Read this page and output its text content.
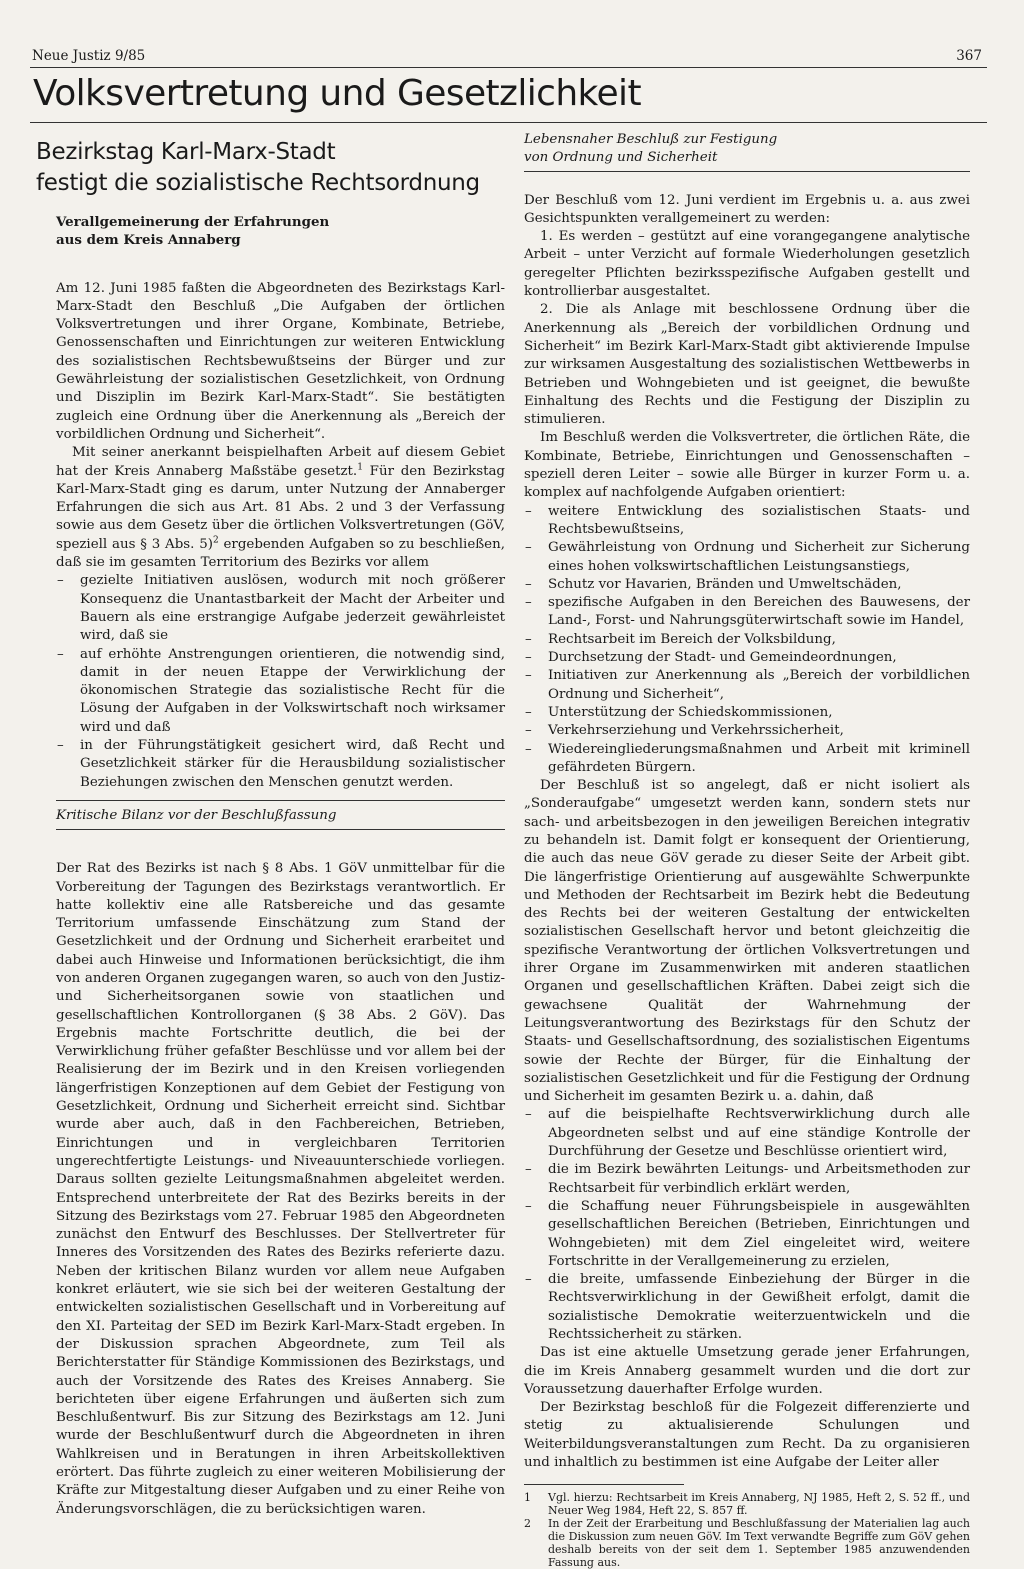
Neue Justiz 9/85	367
Volksvertretung und Gesetzlichkeit
Bezirkstag Karl-Marx-Stadt
festigt die sozialistische Rechtsordnung
Verallgemeinerung der Erfahrungen
aus dem Kreis Annaberg

Am 12. Juni 1985 faßten die Abgeordneten des Bezirkstags Karl-Marx-Stadt den Beschluß „Die Aufgaben der örtlichen Volksvertretungen und ihrer Organe, Kombinate, Betriebe, Genossenschaften und Einrichtungen zur weiteren Entwicklung des sozialistischen Rechtsbewußtseins der Bürger und zur Gewährleistung der sozialistischen Gesetzlichkeit, von Ordnung und Disziplin im Bezirk Karl-Marx-Stadt“. Sie bestätigten zugleich eine Ordnung über die Anerkennung als „Bereich der vorbildlichen Ordnung und Sicherheit“.

Mit seiner anerkannt beispielhaften Arbeit auf diesem Gebiet hat der Kreis Annaberg Maßstäbe gesetzt.$^1$ Für den Bezirkstag Karl-Marx-Stadt ging es darum, unter Nutzung der Annaberger Erfahrungen die sich aus Art. 81 Abs. 2 und 3 der Verfassung sowie aus dem Gesetz über die örtlichen Volksvertretungen (GöV, speziell aus § 3 Abs. 5)$^2$ ergebenden Aufgaben so zu beschließen, daß sie im gesamten Territorium des Bezirks vor allem

– gezielte Initiativen auslösen, wodurch mit noch größerer Konsequenz die Unantastbarkeit der Macht der Arbeiter und Bauern als eine erstrangige Aufgabe jederzeit gewährleistet wird, daß sie
– auf erhöhte Anstrengungen orientieren, die notwendig sind, damit in der neuen Etappe der Verwirklichung der ökonomischen Strategie das sozialistische Recht für die Lösung der Aufgaben in der Volkswirtschaft noch wirksamer wird und daß
– in der Führungstätigkeit gesichert wird, daß Recht und Gesetzlichkeit stärker für die Herausbildung sozialistischer Beziehungen zwischen den Menschen genutzt werden.
Kritische Bilanz vor der Beschlußfassung

Der Rat des Bezirks ist nach § 8 Abs. 1 GöV unmittelbar für die Vorbereitung der Tagungen des Bezirkstags verantwortlich. Er hatte kollektiv eine alle Ratsbereiche und das gesamte Territorium umfassende Einschätzung zum Stand der Gesetzlichkeit und der Ordnung und Sicherheit erarbeitet und dabei auch Hinweise und Informationen berücksichtigt, die ihm von anderen Organen zugegangen waren, so auch von den Justiz- und Sicherheitsorganen sowie von staatlichen und gesellschaftlichen Kontrollorganen (§ 38 Abs. 2 GöV). Das Ergebnis machte Fortschritte deutlich, die bei der Verwirklichung früher gefaßter Beschlüsse und vor allem bei der Realisierung der im Bezirk und in den Kreisen vorliegenden längerfristigen Konzeptionen auf dem Gebiet der Festigung von Gesetzlichkeit, Ordnung und Sicherheit erreicht sind. Sichtbar wurde aber auch, daß in den Fachbereichen, Betrieben, Einrichtungen und in vergleichbaren Territorien ungerechtfertigte Leistungs- und Niveauunterschiede vorliegen. Daraus sollten gezielte Leitungsmaßnahmen abgeleitet werden. Entsprechend unterbreitete der Rat des Bezirks bereits in der Sitzung des Bezirkstags vom 27. Februar 1985 den Abgeordneten zunächst den Entwurf des Beschlusses. Der Stellvertreter für Inneres des Vorsitzenden des Rates des Bezirks referierte dazu. Neben der kritischen Bilanz wurden vor allem neue Aufgaben konkret erläutert, wie sie sich bei der weiteren Gestaltung der entwickelten sozialistischen Gesellschaft und in Vorbereitung auf den XI. Parteitag der SED im Bezirk Karl-Marx-Stadt ergeben. In der Diskussion sprachen Abgeordnete, zum Teil als Berichterstatter für Ständige Kommissionen des Bezirkstags, und auch der Vorsitzende des Rates des Kreises Annaberg. Sie berichteten über eigene Erfahrungen und äußerten sich zum Beschlußentwurf. Bis zur Sitzung des Bezirkstags am 12. Juni wurde der Beschlußentwurf durch die Abgeordneten in ihren Wahlkreisen und in Beratungen in ihren Arbeitskollektiven erörtert. Das führte zugleich zu einer weiteren Mobilisierung der Kräfte zur Mitgestaltung dieser Aufgaben und zu einer Reihe von Änderungsvorschlägen, die zu berücksichtigen waren.

Lebensnaher Beschluß zur Festigung
von Ordnung und Sicherheit

Der Beschluß vom 12. Juni verdient im Ergebnis u. a. aus zwei Gesichtspunkten verallgemeinert zu werden:

1. Es werden – gestützt auf eine vorangegangene analytische Arbeit – unter Verzicht auf formale Wiederholungen gesetzlich geregelter Pflichten bezirksspezifische Aufgaben gestellt und kontrollierbar ausgestaltet.

2. Die als Anlage mit beschlossene Ordnung über die Anerkennung als „Bereich der vorbildlichen Ordnung und Sicherheit“ im Bezirk Karl-Marx-Stadt gibt aktivierende Impulse zur wirksamen Ausgestaltung des sozialistischen Wettbewerbs in Betrieben und Wohngebieten und ist geeignet, die bewußte Einhaltung des Rechts und die Festigung der Disziplin zu stimulieren.

Im Beschluß werden die Volksvertreter, die örtlichen Räte, die Kombinate, Betriebe, Einrichtungen und Genossenschaften – speziell deren Leiter – sowie alle Bürger in kurzer Form u. a. komplex auf nachfolgende Aufgaben orientiert:

– weitere Entwicklung des sozialistischen Staats- und Rechtsbewußtseins,
– Gewährleistung von Ordnung und Sicherheit zur Sicherung eines hohen volkswirtschaftlichen Leistungsanstiegs,
– Schutz vor Havarien, Bränden und Umweltschäden,
– spezifische Aufgaben in den Bereichen des Bauwesens, der Land-, Forst- und Nahrungsgüterwirtschaft sowie im Handel,
– Rechtsarbeit im Bereich der Volksbildung,
– Durchsetzung der Stadt- und Gemeindeordnungen,
– Initiativen zur Anerkennung als „Bereich der vorbildlichen Ordnung und Sicherheit“,
– Unterstützung der Schiedskommissionen,
– Verkehrserziehung und Verkehrssicherheit,
– Wiedereingliederungsmaßnahmen und Arbeit mit kriminell gefährdeten Bürgern.

Der Beschluß ist so angelegt, daß er nicht isoliert als „Sonderaufgabe“ umgesetzt werden kann, sondern stets nur sach- und arbeitsbezogen in den jeweiligen Bereichen integrativ zu behandeln ist. Damit folgt er konsequent der Orientierung, die auch das neue GöV gerade zu dieser Seite der Arbeit gibt. Die längerfristige Orientierung auf ausgewählte Schwerpunkte und Methoden der Rechtsarbeit im Bezirk hebt die Bedeutung des Rechts bei der weiteren Gestaltung der entwickelten sozialistischen Gesellschaft hervor und betont gleichzeitig die spezifische Verantwortung der örtlichen Volksvertretungen und ihrer Organe im Zusammenwirken mit anderen staatlichen Organen und gesellschaftlichen Kräften. Dabei zeigt sich die gewachsene Qualität der Wahrnehmung der Leitungsverantwortung des Bezirkstags für den Schutz der Staats- und Gesellschaftsordnung, des sozialistischen Eigentums sowie der Rechte der Bürger, für die Einhaltung der sozialistischen Gesetzlichkeit und für die Festigung der Ordnung und Sicherheit im gesamten Bezirk u. a. dahin, daß

– auf die beispielhafte Rechtsverwirklichung durch alle Abgeordneten selbst und auf eine ständige Kontrolle der Durchführung der Gesetze und Beschlüsse orientiert wird,
– die im Bezirk bewährten Leitungs- und Arbeitsmethoden zur Rechtsarbeit für verbindlich erklärt werden,
– die Schaffung neuer Führungsbeispiele in ausgewählten gesellschaftlichen Bereichen (Betrieben, Einrichtungen und Wohngebieten) mit dem Ziel eingeleitet wird, weitere Fortschritte in der Verallgemeinerung zu erzielen,
– die breite, umfassende Einbeziehung der Bürger in die Rechtsverwirklichung in der Gewißheit erfolgt, damit die sozialistische Demokratie weiterzuentwickeln und die Rechtssicherheit zu stärken.

Das ist eine aktuelle Umsetzung gerade jener Erfahrungen, die im Kreis Annaberg gesammelt wurden und die dort zur Voraussetzung dauerhafter Erfolge wurden.

Der Bezirkstag beschloß für die Folgezeit differenzierte und stetig zu aktualisierende Schulungen und Weiterbildungsveranstaltungen zum Recht. Da zu organisieren und inhaltlich zu bestimmen ist eine Aufgabe der Leiter aller

1 Vgl. hierzu: Rechtsarbeit im Kreis Annaberg, NJ 1985, Heft 2, S. 52 ff., und Neuer Weg 1984, Heft 22, S. 857 ff.
2 In der Zeit der Erarbeitung und Beschlußfassung der Materialien lag auch die Diskussion zum neuen GöV. Im Text verwandte Begriffe zum GöV gehen deshalb bereits von der seit dem 1. September 1985 anzuwendenden Fassung aus.
